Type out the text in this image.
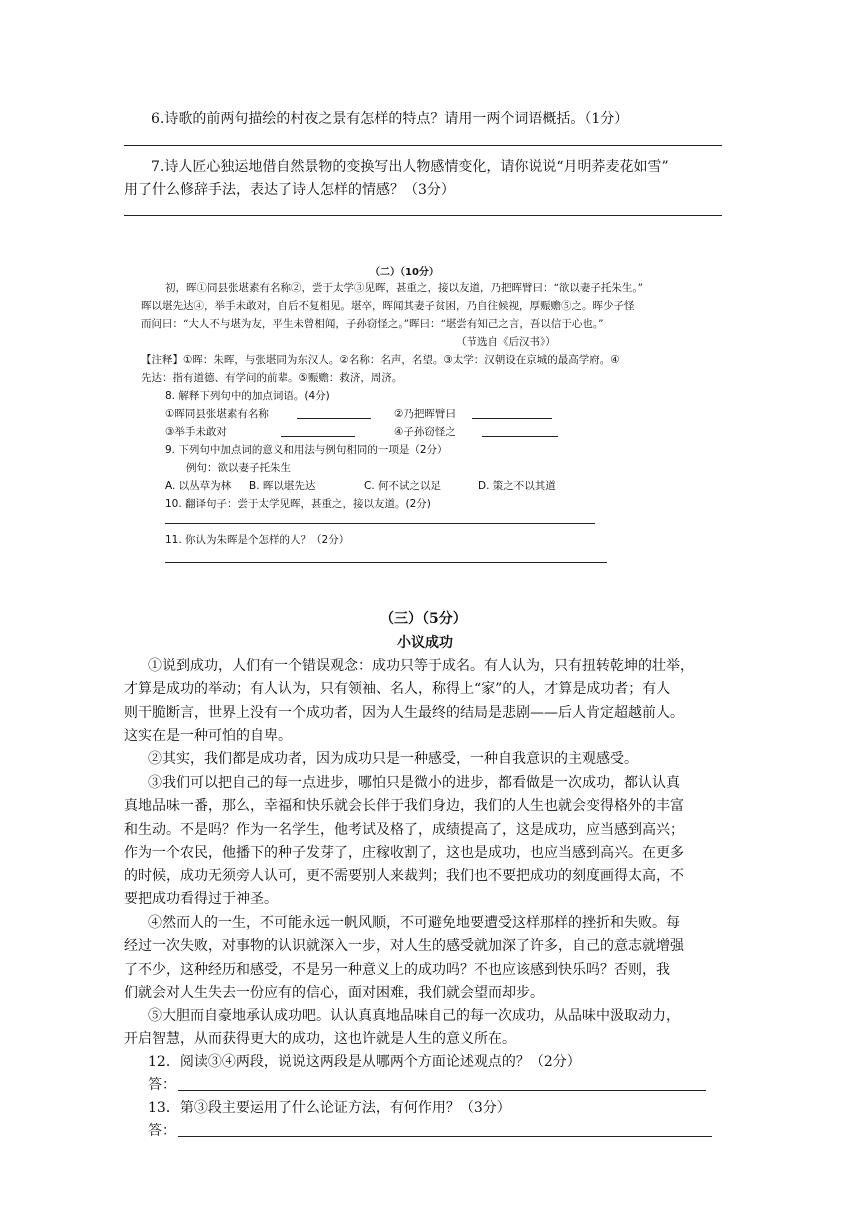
6.诗歌的前两句描绘的村夜之景有怎样的特点？请用一两个词语概括。（1分）
7.诗人匠心独运地借自然景物的变换写出人物感情变化，请你说说“月明荞麦花如雪”
用了什么修辞手法，表达了诗人怎样的情感？（3分）
（二）（10分）
初，晖①同县张堪素有名称②，尝于太学③见晖，甚重之，接以友道，乃把晖臂曰：“欲以妻子托朱生。”
晖以堪先达④，举手未敢对，自后不复相见。堪卒，晖闻其妻子贫困，乃自往候视，厚赈赡⑤之。晖少子怪
而问曰：“大人不与堪为友，平生未曾相闻，子孙窃怪之。”晖曰：“堪尝有知己之言，吾以信于心也。”
（节选自《后汉书》）
【注释】①晖：朱晖，与张堪同为东汉人。②名称：名声，名望。③太学：汉朝设在京城的最高学府。④
先达：指有道德、有学问的前辈。⑤赈赡：救济，周济。
8. 解释下列句中的加点词语。(4分)
①晖同县张堪素有名称	②乃把晖臂曰
③举手未敢对	④子孙窃怪之
9. 下列句中加点词的意义和用法与例句相同的一项是（2分）
例句：欲以妻子托朱生
A. 以丛草为林 B. 晖以堪先达	C. 何不试之以足	D. 策之不以其道
10. 翻译句子：尝于太学见晖，甚重之，接以友道。(2分)
11. 你认为朱晖是个怎样的人？（2分）
（三）（5分）
小议成功
①说到成功，人们有一个错误观念：成功只等于成名。有人认为，只有扭转乾坤的壮举，
才算是成功的举动；有人认为，只有领袖、名人，称得上“家”的人，才算是成功者；有人
则干脆断言，世界上没有一个成功者，因为人生最终的结局是悲剧——后人肯定超越前人。
这实在是一种可怕的自卑。
②其实，我们都是成功者，因为成功只是一种感受，一种自我意识的主观感受。
③我们可以把自己的每一点进步，哪怕只是微小的进步，都看做是一次成功，都认认真
真地品味一番，那么，幸福和快乐就会长伴于我们身边，我们的人生也就会变得格外的丰富
和生动。不是吗？作为一名学生，他考试及格了，成绩提高了，这是成功，应当感到高兴；
作为一个农民，他播下的种子发芽了，庄稼收割了，这也是成功，也应当感到高兴。在更多
的时候，成功无须旁人认可，更不需要别人来裁判；我们也不要把成功的刻度画得太高，不
要把成功看得过于神圣。
④然而人的一生，不可能永远一帆风顺，不可避免地要遭受这样那样的挫折和失败。每
经过一次失败，对事物的认识就深入一步，对人生的感受就加深了许多，自己的意志就增强
了不少，这种经历和感受，不是另一种意义上的成功吗？不也应该感到快乐吗？否则，我
们就会对人生失去一份应有的信心，面对困难，我们就会望而却步。
⑤大胆而自豪地承认成功吧。认认真真地品味自己的每一次成功，从品味中汲取动力，
开启智慧，从而获得更大的成功，这也许就是人生的意义所在。
12．阅读③④两段，说说这两段是从哪两个方面论述观点的？（2分）
答：
13．第③段主要运用了什么论证方法，有何作用？（3分）
答：
